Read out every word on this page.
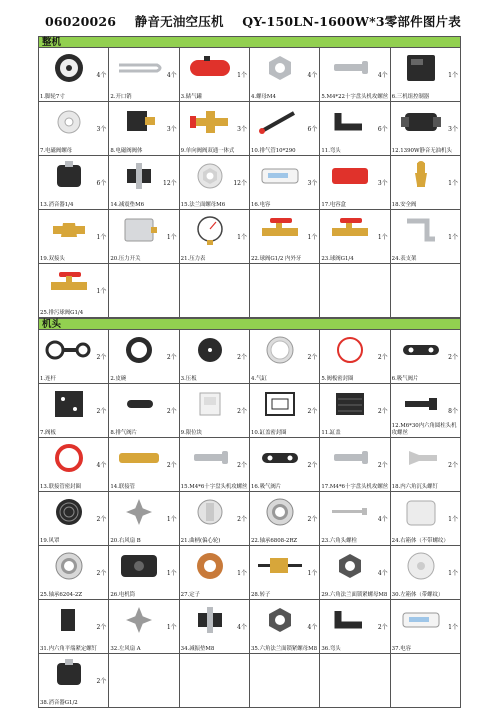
06020026 静音无油空压机 QY-150LN-1600W*3零部件图片表
整机
4个
1.脚轮7寸
4个
2.开口销
1个
3.储气罐
4个
4.螺母M4
4个
5.M4*22十字盘头机攻螺丝
1个
6.三机组控制器
3个
7.电磁阀螺母
3个
8.电磁阀阀体
3个
9.单向阀阀双通一体式
6个
10.排气管10*290
6个
11.弯头
3个
12.1390W静音无油机头
6个
13.消音器1/4
12个
14.减震垫M6
12个
15.法兰面螺母M6
3个
16.电容
3个
17.电容盒
1个
18.安全阀
1个
19.双接头
1个
20.压力开关
1个
21.压力表
1个
22.球阀G1/2 内外牙
1个
23.球阀G1/4
1个
24.表支架
1个
25.排污球阀G1/4
机头
2个
1.连杆
2个
2.皮碗
2个
3.压板
2个
4.气缸
2个
5.阀板密封圈
2个
6.吸气阀片
2个
7.阀板
2个
8.排气阀片
2个
9.限位块
2个
10.缸盖密封圈
2个
11.缸盖
8个
12.M6*30内六角圆柱头机攻螺丝
4个
13.联接管密封圈
2个
14.联接管
2个
15.M4*6十字盘头机攻螺丝
2个
16.吸气阀片
2个
17.M4*6十字盘头机攻螺丝
2个
18.内六角沉头螺钉
2个
19.风罩
1个
20.右风扇 B
2个
21.曲柄(偏心轮)
2个
22.轴承6808-2RZ
4个
23.六角头螺栓
1个
24.右箱体（不带螺纹）
2个
25.轴承6204-2Z
1个
26.电机筒
1个
27.定子
1个
28.转子
4个
29.六角法兰面锁紧螺母M8
1个
30.左箱体（带螺纹）
2个
31.内六角平端紧定螺钉
1个
32.左风扇 A
4个
34.减振垫M8
4个
35.六角法兰面锁紧螺母M8
2个
36.弯头
1个
37.电容
2个
38.消音器G1/2
